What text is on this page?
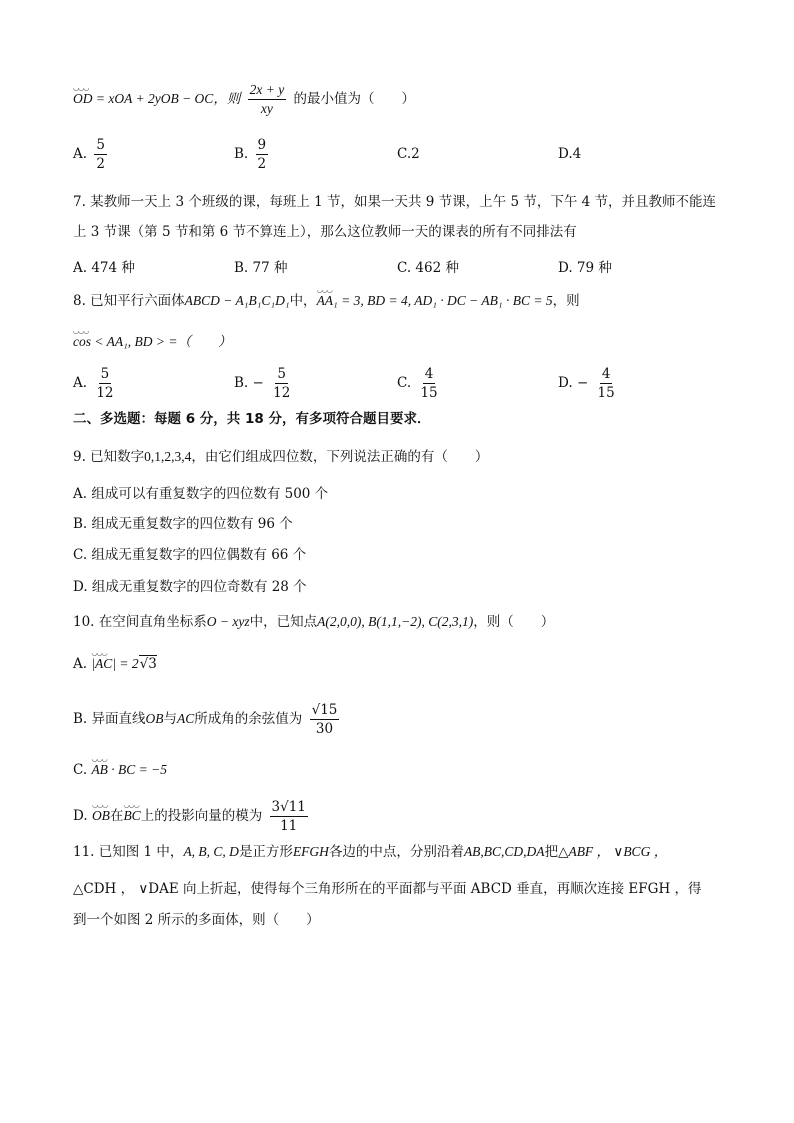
◡◡◡ OD = xOA + 2yOB − OC，则 $\frac{2x + y}{xy}$ 的最小值为（　　）
A. $\frac{5}{2}$	B. $\frac{9}{2}$	C.2	D.4
7. 某教师一天上 3 个班级的课，每班上 1 节，如果一天共 9 节课，上午 5 节，下午 4 节，并且教师不能连
上 3 节课（第 5 节和第 6 节不算连上），那么这位教师一天的课表的所有不同排法有
A. 474 种	B. 77 种	C. 462 种	D. 79 种
8. 已知平行六面体ABCD − A₁B₁C₁D₁中，◡◡◡ AA₁ = 3, BD = 4, AD₁ · DC − AB₁ · BC = 5，则
◡◡◡ cos < AA₁, BD > =（　　）
A. $\frac{5}{12}$	B. − $\frac{5}{12}$	C. $\frac{4}{15}$	D. − $\frac{4}{15}$
二、多选题：每题 6 分，共 18 分，有多项符合题目要求．
9. 已知数字0,1,2,3,4，由它们组成四位数，下列说法正确的有（　　）
A. 组成可以有重复数字的四位数有 500 个
B. 组成无重复数字的四位数有 96 个
C. 组成无重复数字的四位偶数有 66 个
D. 组成无重复数字的四位奇数有 28 个
10. 在空间直角坐标系O − xyz中，已知点A(2,0,0), B(1,1,−2), C(2,3,1)，则（　　）
A. ◡◡◡ |AC| = 2√3
B. 异面直线OB与AC所成角的余弦值为 $\frac{√15}{30}$
C. ◡◡◡ AB · BC = −5
D. ◡◡◡ OB在◡◡◡ BC上的投影向量的模为 $\frac{3√11}{11}$
11. 已知图 1 中，A, B, C, D是正方形EFGH各边的中点，分别沿着AB,BC,CD,DA把△ABF ， ∨BCG ，
△CDH ， ∨DAE 向上折起，使得每个三角形所在的平面都与平面 ABCD 垂直，再顺次连接 EFGH ，得
到一个如图 2 所示的多面体，则（　　）
